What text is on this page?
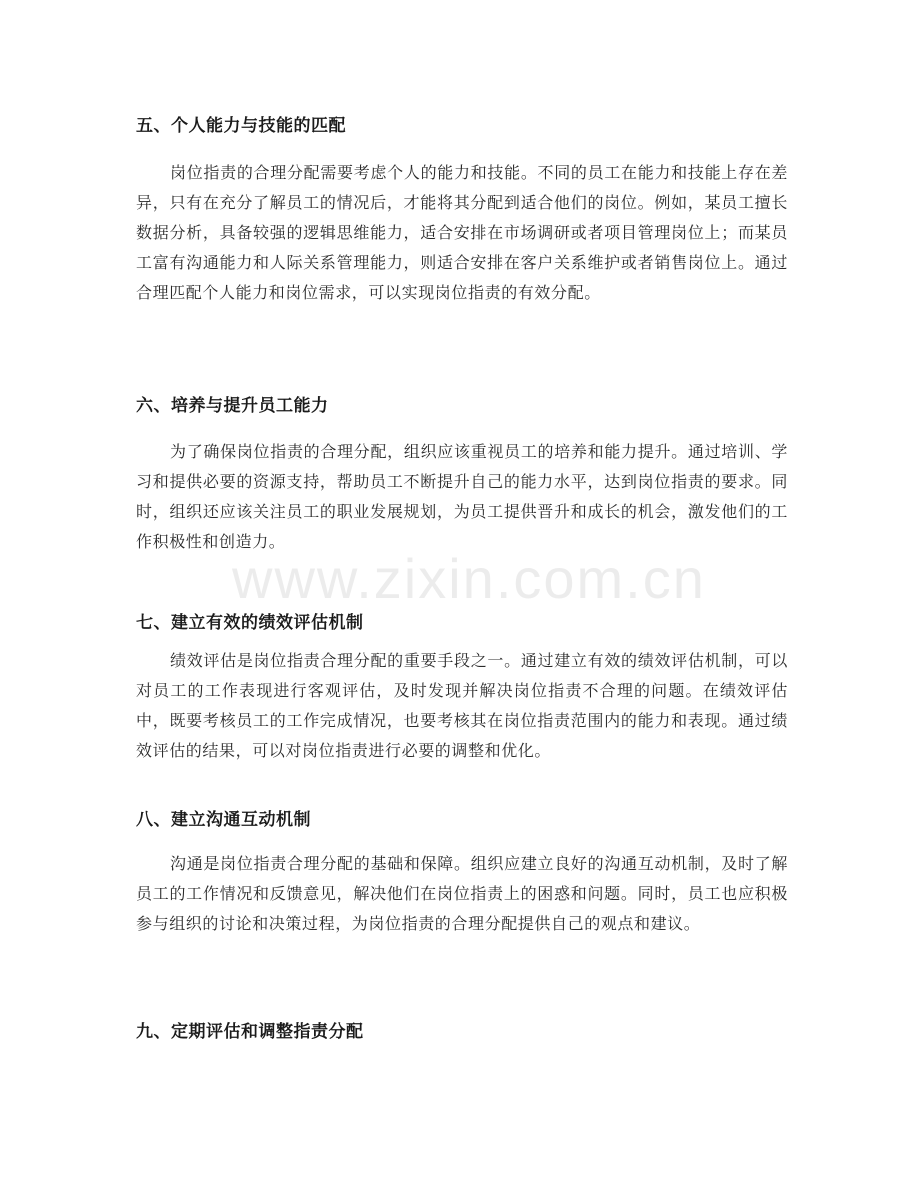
五、个人能力与技能的匹配
岗位指责的合理分配需要考虑个人的能力和技能。不同的员工在能力和技能上存在差异，只有在充分了解员工的情况后，才能将其分配到适合他们的岗位。例如，某员工擅长数据分析，具备较强的逻辑思维能力，适合安排在市场调研或者项目管理岗位上；而某员工富有沟通能力和人际关系管理能力，则适合安排在客户关系维护或者销售岗位上。通过合理匹配个人能力和岗位需求，可以实现岗位指责的有效分配。
六、培养与提升员工能力
为了确保岗位指责的合理分配，组织应该重视员工的培养和能力提升。通过培训、学习和提供必要的资源支持，帮助员工不断提升自己的能力水平，达到岗位指责的要求。同时，组织还应该关注员工的职业发展规划，为员工提供晋升和成长的机会，激发他们的工作积极性和创造力。
七、建立有效的绩效评估机制
绩效评估是岗位指责合理分配的重要手段之一。通过建立有效的绩效评估机制，可以对员工的工作表现进行客观评估，及时发现并解决岗位指责不合理的问题。在绩效评估中，既要考核员工的工作完成情况，也要考核其在岗位指责范围内的能力和表现。通过绩效评估的结果，可以对岗位指责进行必要的调整和优化。
八、建立沟通互动机制
沟通是岗位指责合理分配的基础和保障。组织应建立良好的沟通互动机制，及时了解员工的工作情况和反馈意见，解决他们在岗位指责上的困惑和问题。同时，员工也应积极参与组织的讨论和决策过程，为岗位指责的合理分配提供自己的观点和建议。
九、定期评估和调整指责分配
www.zixin.com.cn
